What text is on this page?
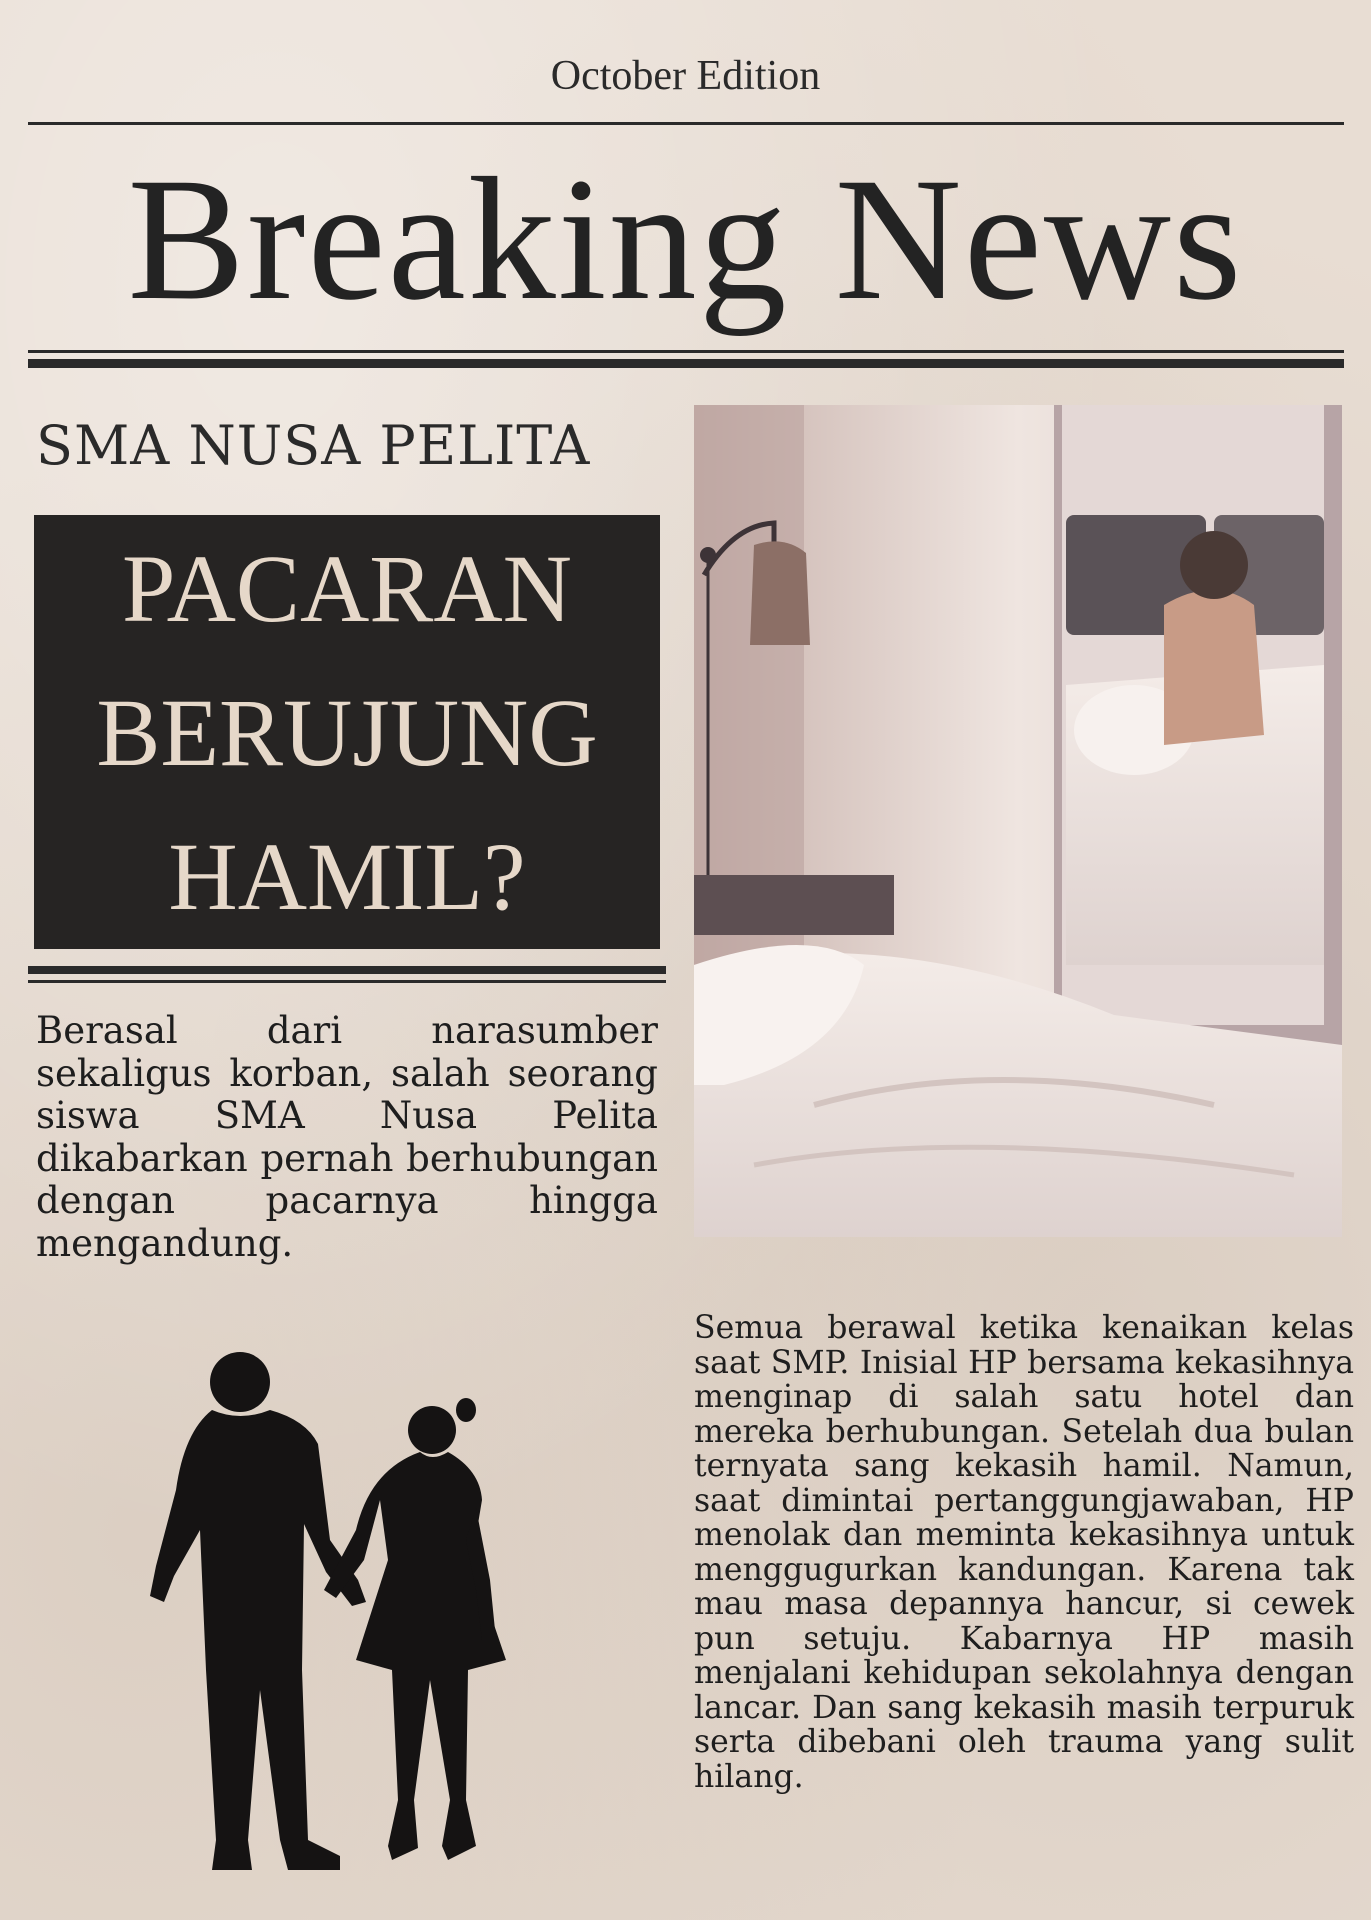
October Edition
Breaking News
SMA NUSA PELITA
PACARAN
BERUJUNG
HAMIL?
Berasal dari narasumber sekaligus korban, salah seorang siswa SMA Nusa Pelita dikabarkan pernah berhubungan dengan pacarnya hingga mengandung.
Semua berawal ketika kenaikan kelas saat SMP. Inisial HP bersama kekasihnya menginap di salah satu hotel dan mereka berhubungan. Setelah dua bulan ternyata sang kekasih hamil. Namun, saat dimintai pertanggungjawaban, HP menolak dan meminta kekasihnya untuk menggugurkan kandungan. Karena tak mau masa depannya hancur, si cewek pun setuju. Kabarnya HP masih menjalani kehidupan sekolahnya dengan lancar. Dan sang kekasih masih terpuruk serta dibebani oleh trauma yang sulit hilang.
